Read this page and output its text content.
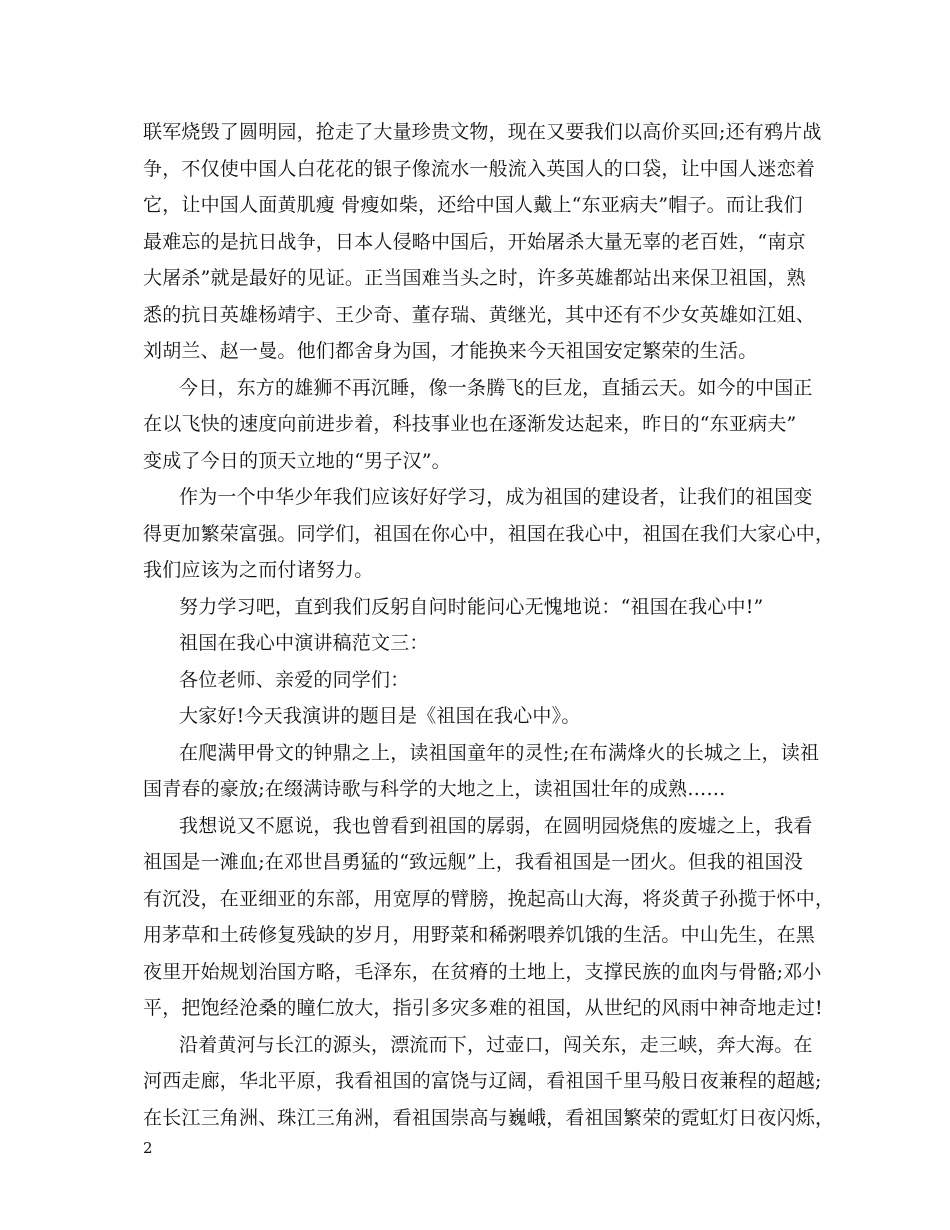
联军烧毁了圆明园，抢走了大量珍贵文物，现在又要我们以高价买回;还有鸦片战
争，不仅使中国人白花花的银子像流水一般流入英国人的口袋，让中国人迷恋着
它，让中国人面黄肌瘦 骨瘦如柴，还给中国人戴上“东亚病夫”帽子。而让我们
最难忘的是抗日战争，日本人侵略中国后，开始屠杀大量无辜的老百姓，“南京
大屠杀”就是最好的见证。正当国难当头之时，许多英雄都站出来保卫祖国，熟
悉的抗日英雄杨靖宇、王少奇、董存瑞、黄继光，其中还有不少女英雄如江姐、
刘胡兰、赵一曼。他们都舍身为国，才能换来今天祖国安定繁荣的生活。
今日，东方的雄狮不再沉睡，像一条腾飞的巨龙，直插云天。如今的中国正
在以飞快的速度向前进步着，科技事业也在逐渐发达起来，昨日的“东亚病夫”
变成了今日的顶天立地的“男子汉”。
作为一个中华少年我们应该好好学习，成为祖国的建设者，让我们的祖国变
得更加繁荣富强。同学们，祖国在你心中，祖国在我心中，祖国在我们大家心中，
我们应该为之而付诸努力。
努力学习吧，直到我们反躬自问时能问心无愧地说：“祖国在我心中!”
祖国在我心中演讲稿范文三：
各位老师、亲爱的同学们：
大家好!今天我演讲的题目是《祖国在我心中》。
在爬满甲骨文的钟鼎之上，读祖国童年的灵性;在布满烽火的长城之上，读祖
国青春的豪放;在缀满诗歌与科学的大地之上，读祖国壮年的成熟……
我想说又不愿说，我也曾看到祖国的孱弱，在圆明园烧焦的废墟之上，我看
祖国是一滩血;在邓世昌勇猛的“致远舰”上，我看祖国是一团火。但我的祖国没
有沉没，在亚细亚的东部，用宽厚的臂膀，挽起高山大海，将炎黄子孙揽于怀中，
用茅草和土砖修复残缺的岁月，用野菜和稀粥喂养饥饿的生活。中山先生，在黑
夜里开始规划治国方略，毛泽东，在贫瘠的土地上，支撑民族的血肉与骨骼;邓小
平，把饱经沧桑的瞳仁放大，指引多灾多难的祖国，从世纪的风雨中神奇地走过!
沿着黄河与长江的源头，漂流而下，过壶口，闯关东，走三峡，奔大海。在
河西走廊，华北平原，我看祖国的富饶与辽阔，看祖国千里马般日夜兼程的超越;
在长江三角洲、珠江三角洲，看祖国崇高与巍峨，看祖国繁荣的霓虹灯日夜闪烁，
2
